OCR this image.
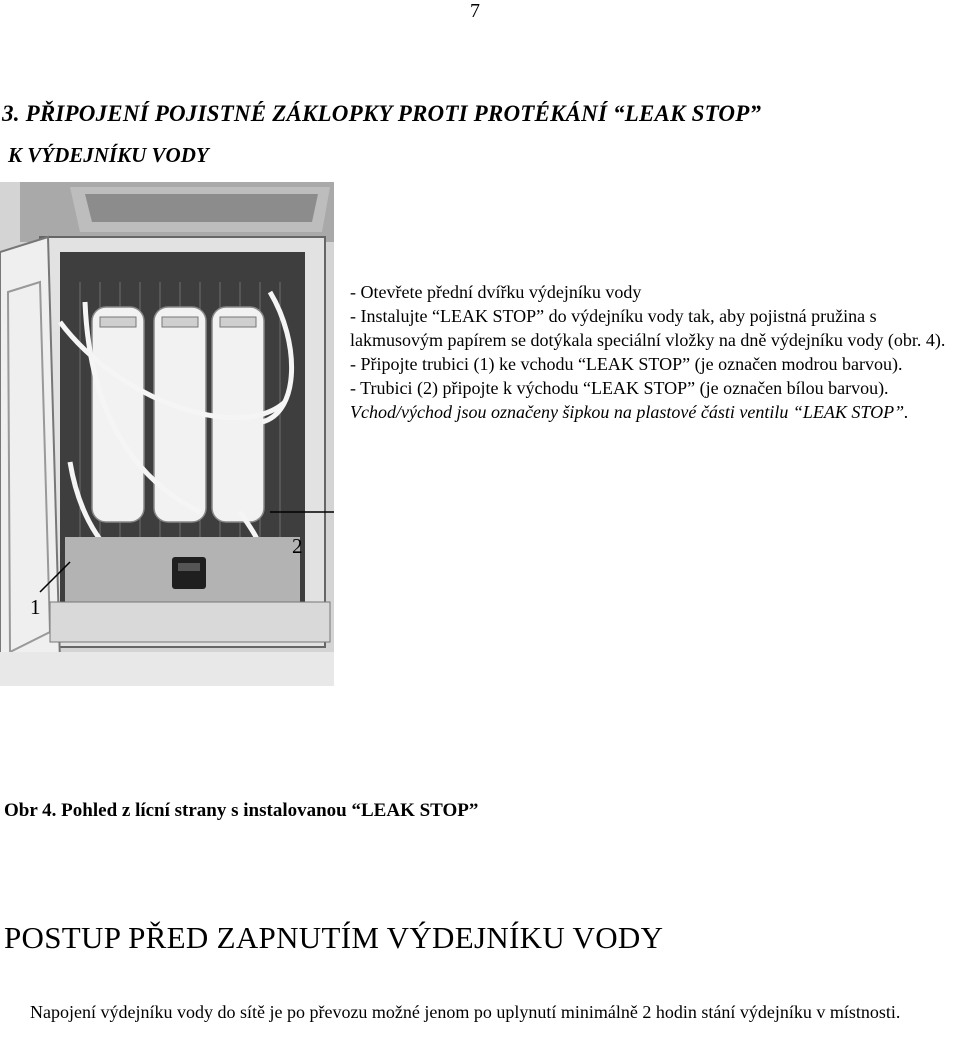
7
3. PŘIPOJENÍ POJISTNÉ ZÁKLOPKY PROTI PROTÉKÁNÍ “LEAK STOP”
K VÝDEJNÍKU VODY
1
2

- Otevřete přední dvířku výdejníku vody

- Instalujte “LEAK STOP” do výdejníku vody tak, aby pojistná pružina s lakmusovým papírem se dotýkala speciální vložky na dně výdejníku vody (obr. 4).

- Připojte trubici (1) ke vchodu “LEAK STOP” (je označen modrou barvou).

- Trubici (2) připojte k východu “LEAK STOP” (je označen bílou barvou).

Vchod/východ jsou označeny šipkou na plastové části ventilu “LEAK STOP”.

Obr 4. Pohled z lícní strany s instalovanou “LEAK STOP”
POSTUP PŘED ZAPNUTÍM VÝDEJNÍKU VODY
Napojení výdejníku vody do sítě je po převozu možné jenom po uplynutí minimálně 2 hodin stání výdejníku v místnosti.
